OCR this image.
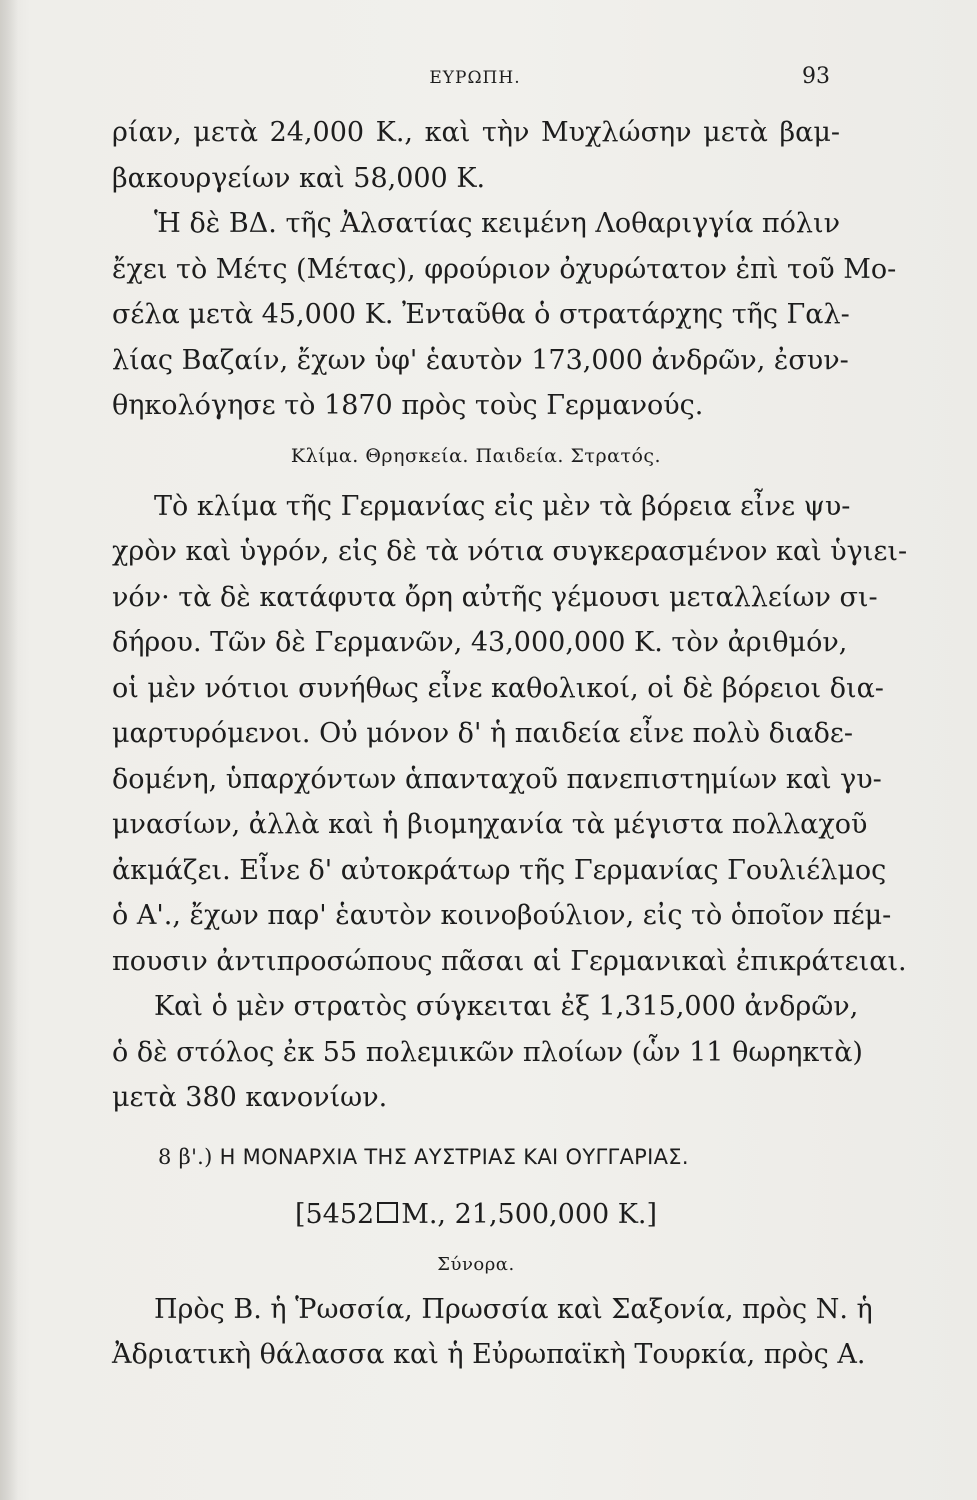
ΕΥΡΩΠΗ.	93
ρίαν, μετὰ 24,000 Κ., καὶ τὴν Μυχλώσην μετὰ βαμ-
βακουργείων καὶ 58,000 Κ.
Ἡ δὲ ΒΔ. τῆς Ἀλσατίας κειμένη Λοθαριγγία πόλιν
ἔχει τὸ Μέτς (Μέτας), φρούριον ὀχυρώτατον ἐπὶ τοῦ Μο-
σέλα μετὰ 45,000 Κ. Ἐνταῦθα ὁ στρατάρχης τῆς Γαλ-
λίας Βαζαίν, ἔχων ὑφ' ἑαυτὸν 173,000 ἀνδρῶν, ἐσυν-
θηκολόγησε τὸ 1870 πρὸς τοὺς Γερμανούς.
Κλίμα. Θρησκεία. Παιδεία. Στρατός.
Τὸ κλίμα τῆς Γερμανίας εἰς μὲν τὰ βόρεια εἶνε ψυ-
χρὸν καὶ ὑγρόν, εἰς δὲ τὰ νότια συγκερασμένον καὶ ὑγιει-
νόν· τὰ δὲ κατάφυτα ὄρη αὐτῆς γέμουσι μεταλλείων σι-
δήρου. Τῶν δὲ Γερμανῶν, 43,000,000 Κ. τὸν ἀριθμόν,
οἱ μὲν νότιοι συνήθως εἶνε καθολικοί, οἱ δὲ βόρειοι δια-
μαρτυρόμενοι. Οὐ μόνον δ' ἡ παιδεία εἶνε πολὺ διαδε-
δομένη, ὑπαρχόντων ἁπανταχοῦ πανεπιστημίων καὶ γυ-
μνασίων, ἀλλὰ καὶ ἡ βιομηχανία τὰ μέγιστα πολλαχοῦ
ἀκμάζει. Εἶνε δ' αὐτοκράτωρ τῆς Γερμανίας Γουλιέλμος
ὁ Α'., ἔχων παρ' ἑαυτὸν κοινοβούλιον, εἰς τὸ ὁποῖον πέμ-
πουσιν ἀντιπροσώπους πᾶσαι αἱ Γερμανικαὶ ἐπικράτειαι.
Καὶ ὁ μὲν στρατὸς σύγκειται ἐξ 1,315,000 ἀνδρῶν,
ὁ δὲ στόλος ἐκ 55 πολεμικῶν πλοίων (ὧν 11 θωρηκτὰ)
μετὰ 380 κανονίων.
8 β'.) Η ΜΟΝΑΡΧΙΑ ΤΗΣ ΑΥΣΤΡΙΑΣ ΚΑΙ ΟΥΓΓΑΡΙΑΣ.
[5452 Μ., 21,500,000 Κ.]
Σύνορα.
Πρὸς Β. ἡ Ῥωσσία, Πρωσσία καὶ Σαξονία, πρὸς Ν. ἡ
Ἀδριατικὴ θάλασσα καὶ ἡ Εὐρωπαϊκὴ Τουρκία, πρὸς Α.
